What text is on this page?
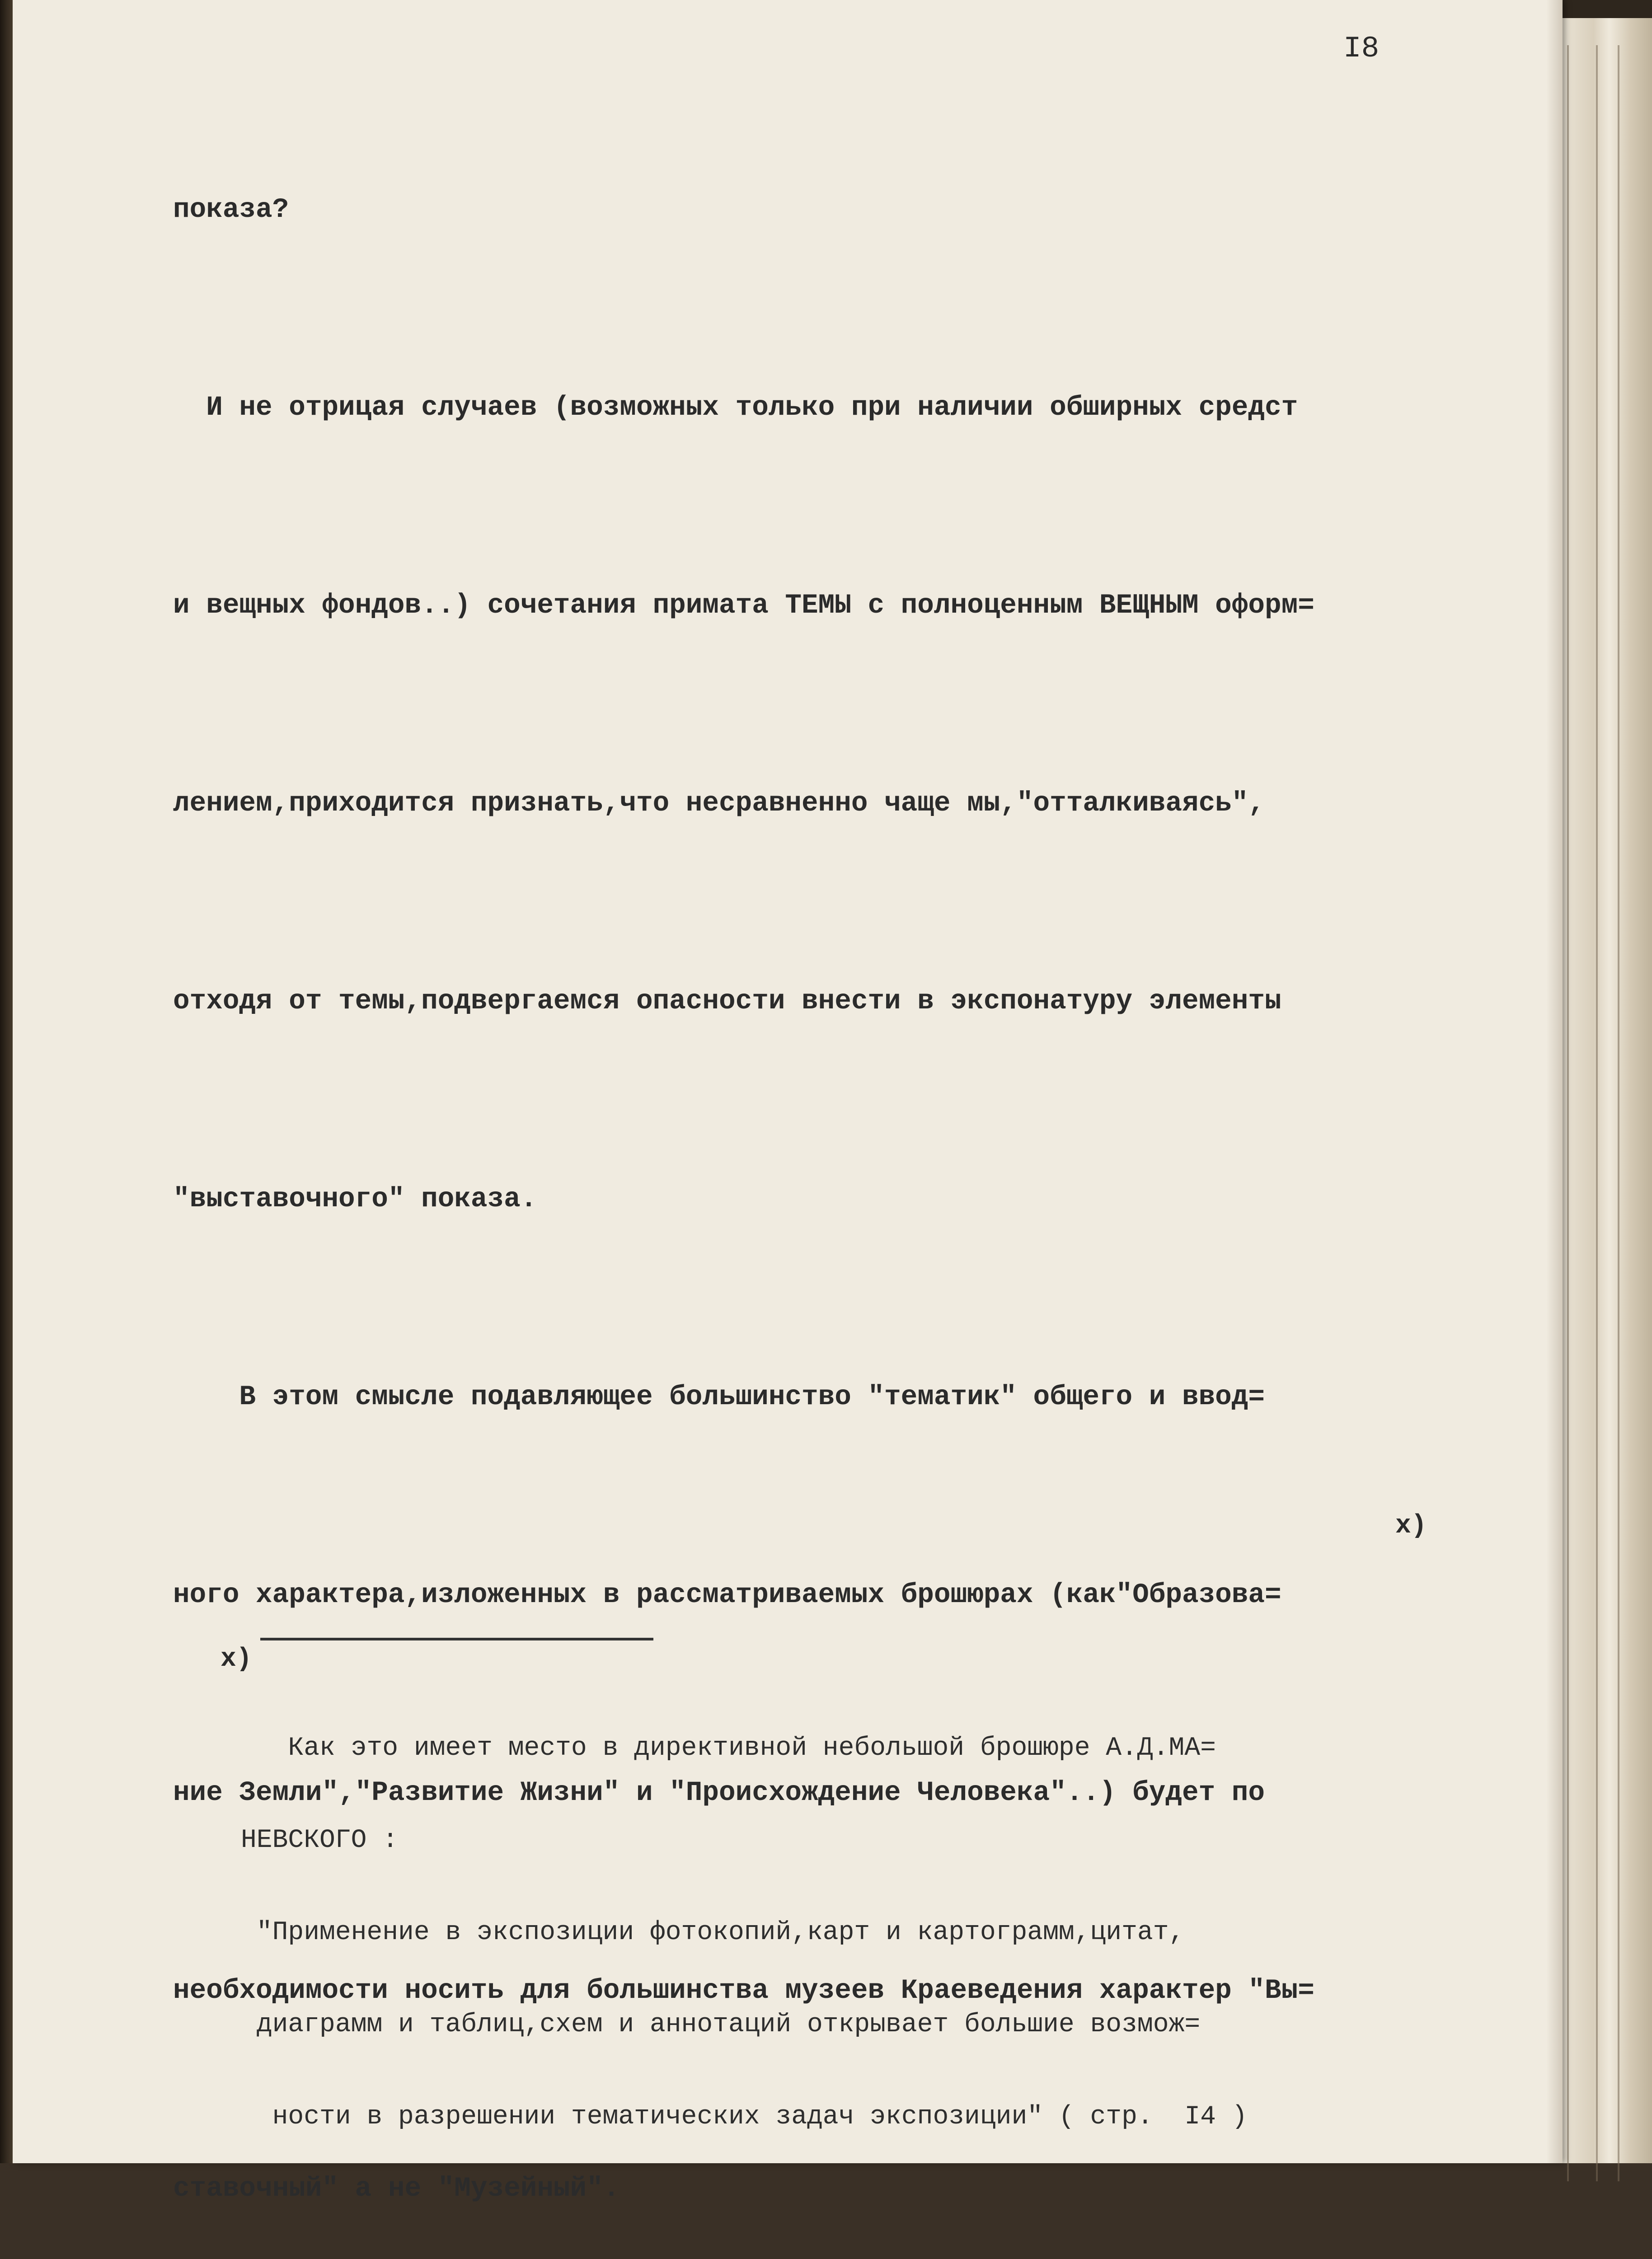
I8

показа?

И не отрицая случаев (возможных только при наличии обширных средст

и вещных фондов..) сочетания примата ТЕМЫ с полноценным ВЕЩНЫМ оформ=

лением,приходится признать,что несравненно чаще мы,"отталкиваясь",

отходя от темы,подвергаемся опасности внести в экспонатуру элементы

"выставочного" показа.

В этом смысле подавляющее большинство "тематик" общего и ввод=

ного характера,изложенных в рассматриваемых брошюрах (как"Образова=

ние Земли","Развитие Жизни" и "Происхождение Человека"..) будет по

необходимости носить для большинства музеев Краеведения характер "Вы=

ставочный" а не "Музейный".

x)
x)

Как это имеет место в директивной небольшой брошюре А.Д.МА=

НЕВСКОГО :

"Применение в экспозиции фотокопий,карт и картограмм,цитат,

диаграмм и таблиц,схем и аннотаций открывает большие возмож=

ности в разрешении тематических задач экспозиции" ( стр.  I4 )
